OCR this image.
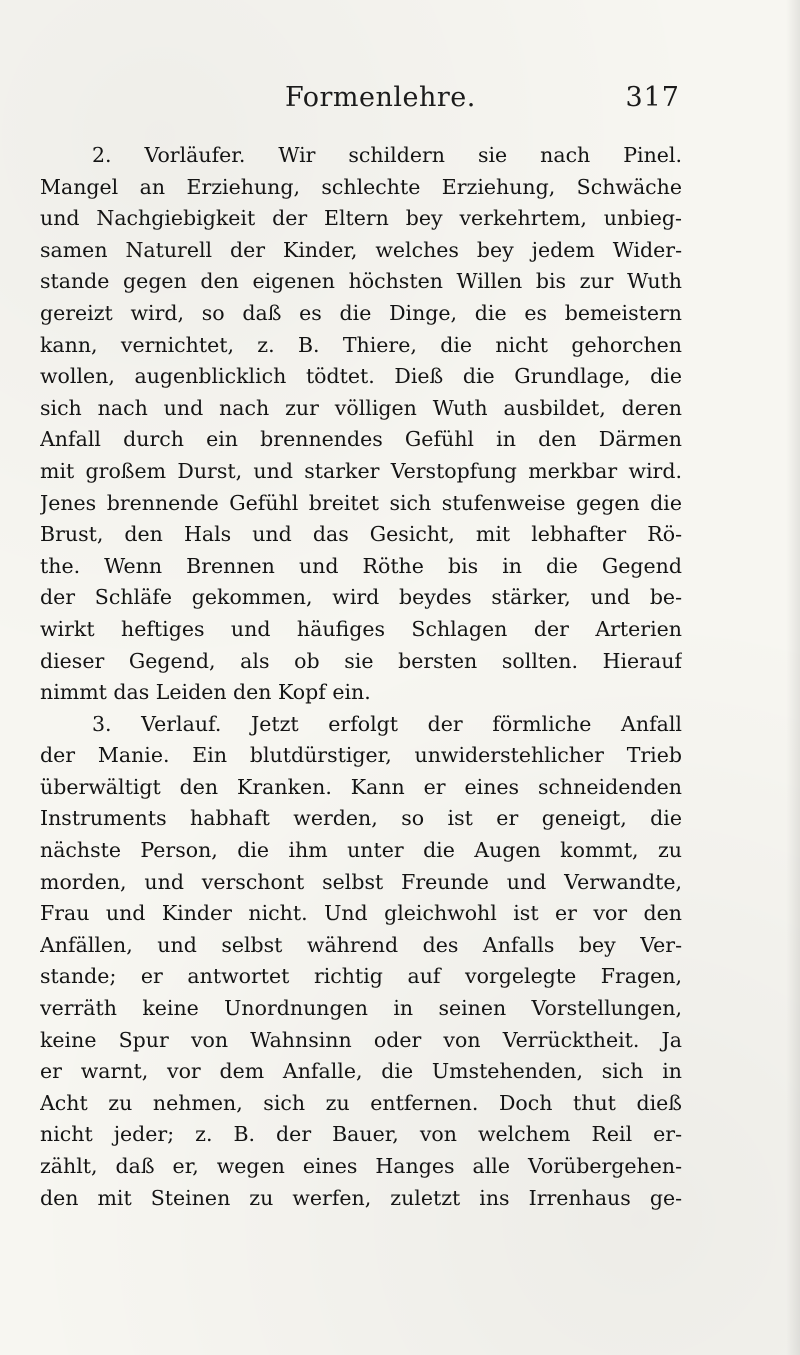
Formenlehre.	317
2. Vorläufer. Wir schildern sie nach Pinel.
Mangel an Erziehung, schlechte Erziehung, Schwäche
und Nachgiebigkeit der Eltern bey verkehrtem, unbieg-
samen Naturell der Kinder, welches bey jedem Wider-
stande gegen den eigenen höchsten Willen bis zur Wuth
gereizt wird, so daß es die Dinge, die es bemeistern
kann, vernichtet, z. B. Thiere, die nicht gehorchen
wollen, augenblicklich tödtet. Dieß die Grundlage, die
sich nach und nach zur völligen Wuth ausbildet, deren
Anfall durch ein brennendes Gefühl in den Därmen
mit großem Durst, und starker Verstopfung merkbar wird.
Jenes brennende Gefühl breitet sich stufenweise gegen die
Brust, den Hals und das Gesicht, mit lebhafter Rö-
the. Wenn Brennen und Röthe bis in die Gegend
der Schläfe gekommen, wird beydes stärker, und be-
wirkt heftiges und häufiges Schlagen der Arterien
dieser Gegend, als ob sie bersten sollten. Hierauf
nimmt das Leiden den Kopf ein.
3. Verlauf. Jetzt erfolgt der förmliche Anfall
der Manie. Ein blutdürstiger, unwiderstehlicher Trieb
überwältigt den Kranken. Kann er eines schneidenden
Instruments habhaft werden, so ist er geneigt, die
nächste Person, die ihm unter die Augen kommt, zu
morden, und verschont selbst Freunde und Verwandte,
Frau und Kinder nicht. Und gleichwohl ist er vor den
Anfällen, und selbst während des Anfalls bey Ver-
stande; er antwortet richtig auf vorgelegte Fragen,
verräth keine Unordnungen in seinen Vorstellungen,
keine Spur von Wahnsinn oder von Verrücktheit. Ja
er warnt, vor dem Anfalle, die Umstehenden, sich in
Acht zu nehmen, sich zu entfernen. Doch thut dieß
nicht jeder; z. B. der Bauer, von welchem Reil er-
zählt, daß er, wegen eines Hanges alle Vorübergehen-
den mit Steinen zu werfen, zuletzt ins Irrenhaus ge-
